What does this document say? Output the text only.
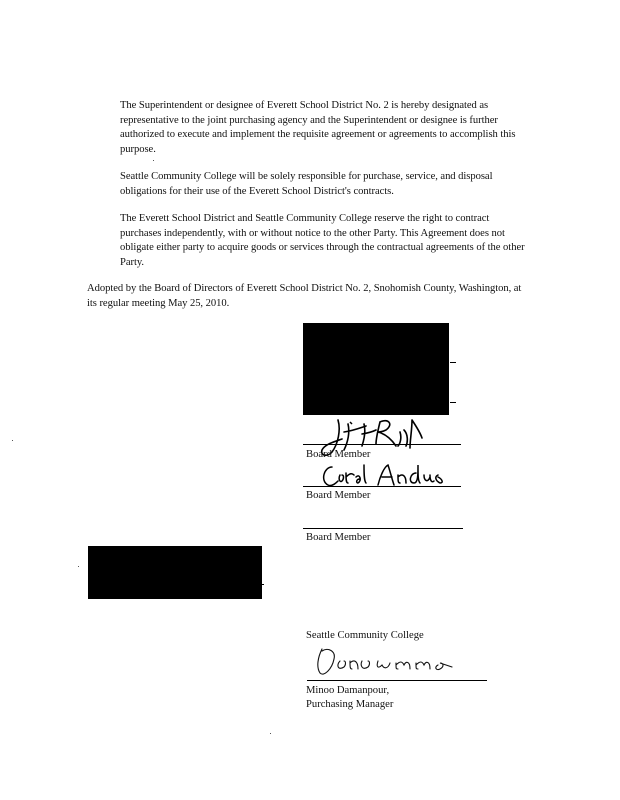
The Superintendent or designee of Everett School District No. 2 is hereby designated as representative to the joint purchasing agency and the Superintendent or designee is further authorized to execute and implement the requisite agreement or agreements to accomplish this purpose.

Seattle Community College will be solely responsible for purchase, service, and disposal obligations for their use of the Everett School District's contracts.

The Everett School District and Seattle Community College reserve the right to contract purchases independently, with or without notice to the other Party. This Agreement does not obligate either party to acquire goods or services through the contractual agreements of the other Party.

Adopted by the Board of Directors of Everett School District No. 2, Snohomish County, Washington, at its regular meeting May 25, 2010.

Board Member
Board Member
Board Member
Seattle Community College
Minoo Damanpour,
Purchasing Manager
